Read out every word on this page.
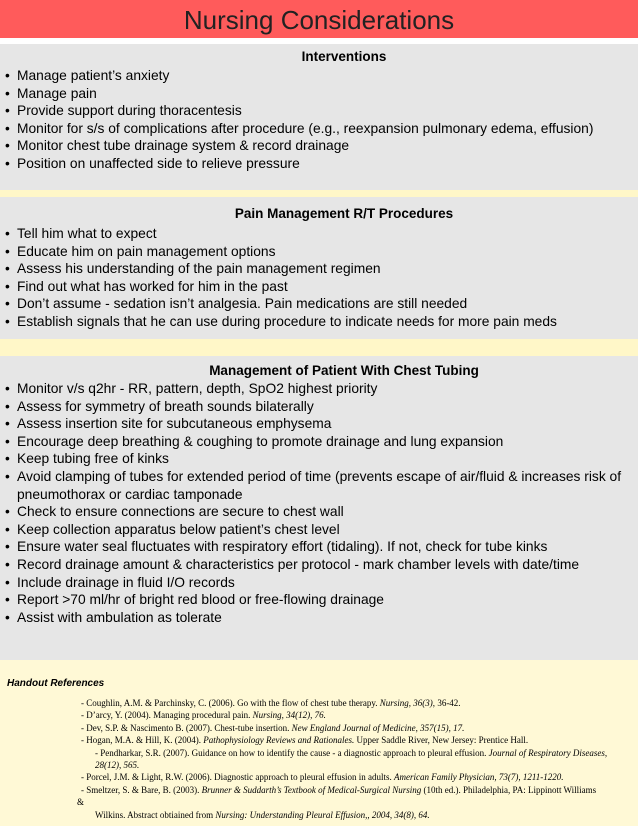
Nursing Considerations
Interventions
• Manage patient’s anxiety
• Manage pain
• Provide support during thoracentesis
• Monitor for s/s of complications after procedure (e.g., reexpansion pulmonary edema, effusion)
• Monitor chest tube drainage system & record drainage
• Position on unaffected side to relieve pressure
Pain Management R/T Procedures
• Tell him what to expect
• Educate him on pain management options
• Assess his understanding of the pain management regimen
• Find out what has worked for him in the past
• Don’t assume - sedation isn’t analgesia. Pain medications are still needed
• Establish signals that he can use during procedure to indicate needs for more pain meds
Management of Patient With Chest Tubing
• Monitor v/s q2hr - RR, pattern, depth, SpO2 highest priority
• Assess for symmetry of breath sounds bilaterally
• Assess insertion site for subcutaneous emphysema
• Encourage deep breathing & coughing to promote drainage and lung expansion
• Keep tubing free of kinks
• Avoid clamping of tubes for extended period of time (prevents escape of air/fluid & increases risk of pneumothorax or cardiac tamponade
• Check to ensure connections are secure to chest wall
• Keep collection apparatus below patient’s chest level
• Ensure water seal fluctuates with respiratory effort (tidaling). If not, check for tube kinks
• Record drainage amount & characteristics per protocol - mark chamber levels with date/time
• Include drainage in fluid I/O records
• Report >70 ml/hr of bright red blood or free-flowing drainage
• Assist with ambulation as tolerate
Handout References
- Coughlin, A.M. & Parchinsky, C. (2006). Go with the flow of chest tube therapy. Nursing, 36(3), 36-42.
- D’arcy, Y. (2004). Managing procedural pain. Nursing, 34(12), 76.
- Dev, S.P. & Nascimento B. (2007). Chest-tube insertion. New England Journal of Medicine, 357(15), 17.
- Hogan, M.A. & Hill, K. (2004). Pathophysiology Reviews and Rationales. Upper Saddle River, New Jersey: Prentice Hall.
- Pendharkar, S.R. (2007). Guidance on how to identify the cause - a diagnostic approach to pleural effusion. Journal of Respiratory Diseases, 28(12), 565.
- Porcel, J.M. & Light, R.W. (2006). Diagnostic approach to pleural effusion in adults. American Family Physician, 73(7), 1211-1220.
- Smeltzer, S. & Bare, B. (2003). Brunner & Suddarth’s Textbook of Medical-Surgical Nursing (10th ed.). Philadelphia, PA: Lippinott Williams
&
Wilkins. Abstract obtiained from Nursing: Understanding Pleural Effusion,, 2004, 34(8), 64.
